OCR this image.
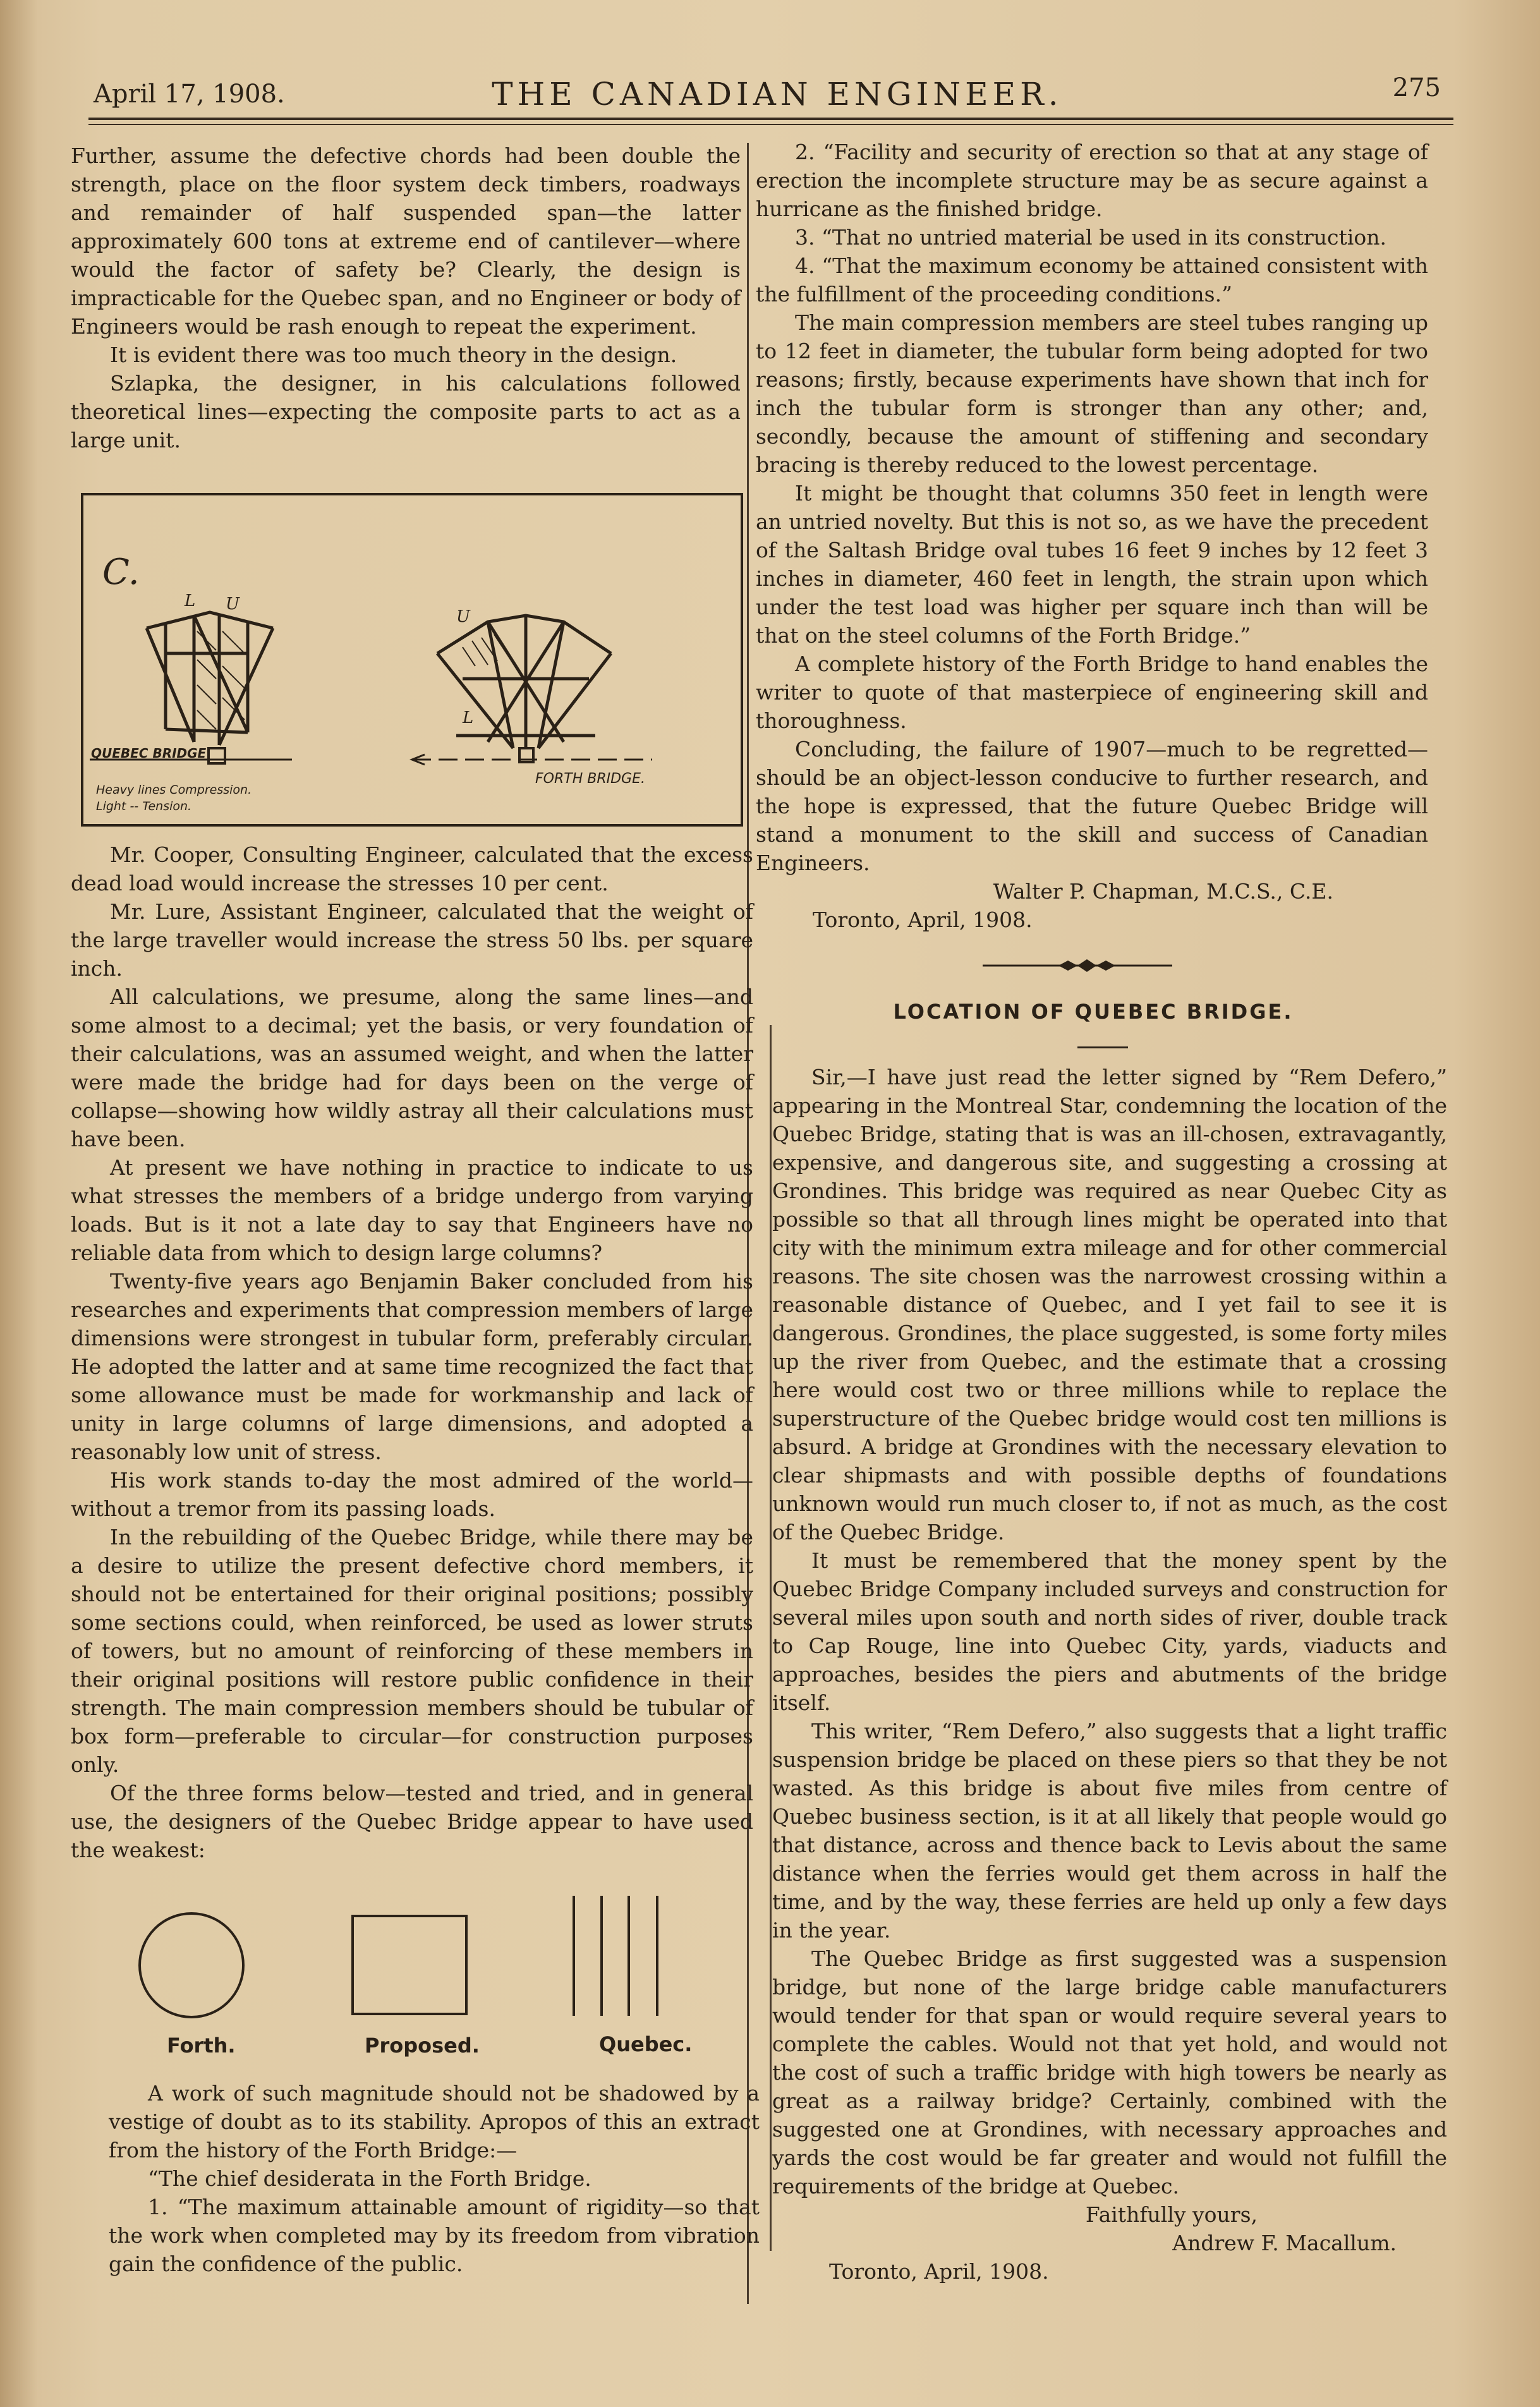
April 17, 1908.	THE CANADIAN ENGINEER.	275

Further, assume the defective chords had been double the strength, place on the floor system deck timbers, roadways and remainder of half suspended span—the latter approximately 600 tons at extreme end of cantilever—where would the factor of safety be? Clearly, the design is impracticable for the Quebec span, and no Engineer or body of Engineers would be rash enough to repeat the experiment.

It is evident there was too much theory in the design.

Szlapka, the designer, in his calculations followed theoretical lines—expecting the composite parts to act as a large unit.

C.
U
L
QUEBEC BRIDGE
U
L
FORTH BRIDGE.
Heavy lines Compression.
Light -- Tension.

Mr. Cooper, Consulting Engineer, calculated that the excess dead load would increase the stresses 10 per cent.

Mr. Lure, Assistant Engineer, calculated that the weight of the large traveller would increase the stress 50 lbs. per square inch.

All calculations, we presume, along the same lines—and some almost to a decimal; yet the basis, or very foundation of their calculations, was an assumed weight, and when the latter were made the bridge had for days been on the verge of collapse—showing how wildly astray all their calculations must have been.

At present we have nothing in practice to indicate to us what stresses the members of a bridge undergo from varying loads. But is it not a late day to say that Engineers have no reliable data from which to design large columns?

Twenty-five years ago Benjamin Baker concluded from his researches and experiments that compression members of large dimensions were strongest in tubular form, preferably circular. He adopted the latter and at same time recognized the fact that some allowance must be made for workmanship and lack of unity in large columns of large dimensions, and adopted a reasonably low unit of stress.

His work stands to-day the most admired of the world—without a tremor from its passing loads.

In the rebuilding of the Quebec Bridge, while there may be a desire to utilize the present defective chord members, it should not be entertained for their original positions; possibly some sections could, when reinforced, be used as lower struts of towers, but no amount of reinforcing of these members in their original positions will restore public confidence in their strength. The main compression members should be tubular of box form—preferable to circular—for construction purposes only.

Of the three forms below—tested and tried, and in general use, the designers of the Quebec Bridge appear to have used the weakest:

Forth.	Proposed.	Quebec.

A work of such magnitude should not be shadowed by a vestige of doubt as to its stability. Apropos of this an extract from the history of the Forth Bridge:—

“The chief desiderata in the Forth Bridge.

1. “The maximum attainable amount of rigidity—so that the work when completed may by its freedom from vibration gain the confidence of the public.

2. “Facility and security of erection so that at any stage of erection the incomplete structure may be as secure against a hurricane as the finished bridge.

3. “That no untried material be used in its construction.

4. “That the maximum economy be attained consistent with the fulfillment of the proceeding conditions.”

The main compression members are steel tubes ranging up to 12 feet in diameter, the tubular form being adopted for two reasons; firstly, because experiments have shown that inch for inch the tubular form is stronger than any other; and, secondly, because the amount of stiffening and secondary bracing is thereby reduced to the lowest percentage.

It might be thought that columns 350 feet in length were an untried novelty. But this is not so, as we have the precedent of the Saltash Bridge oval tubes 16 feet 9 inches by 12 feet 3 inches in diameter, 460 feet in length, the strain upon which under the test load was higher per square inch than will be that on the steel columns of the Forth Bridge.”

A complete history of the Forth Bridge to hand enables the writer to quote of that masterpiece of engineering skill and thoroughness.

Concluding, the failure of 1907—much to be regretted—should be an object-lesson conducive to further research, and the hope is expressed, that the future Quebec Bridge will stand a monument to the skill and success of Canadian Engineers.

Walter P. Chapman, M.C.S., C.E.

Toronto, April, 1908.

LOCATION OF QUEBEC BRIDGE.

Sir,—I have just read the letter signed by “Rem Defero,” appearing in the Montreal Star, condemning the location of the Quebec Bridge, stating that is was an ill-chosen, extravagantly, expensive, and dangerous site, and suggesting a crossing at Grondines. This bridge was required as near Quebec City as possible so that all through lines might be operated into that city with the minimum extra mileage and for other commercial reasons. The site chosen was the narrowest crossing within a reasonable distance of Quebec, and I yet fail to see it is dangerous. Grondines, the place suggested, is some forty miles up the river from Quebec, and the estimate that a crossing here would cost two or three millions while to replace the superstructure of the Quebec bridge would cost ten millions is absurd. A bridge at Grondines with the necessary elevation to clear shipmasts and with possible depths of foundations unknown would run much closer to, if not as much, as the cost of the Quebec Bridge.

It must be remembered that the money spent by the Quebec Bridge Company included surveys and construction for several miles upon south and north sides of river, double track to Cap Rouge, line into Quebec City, yards, viaducts and approaches, besides the piers and abutments of the bridge itself.

This writer, “Rem Defero,” also suggests that a light traffic suspension bridge be placed on these piers so that they be not wasted. As this bridge is about five miles from centre of Quebec business section, is it at all likely that people would go that distance, across and thence back to Levis about the same distance when the ferries would get them across in half the time, and by the way, these ferries are held up only a few days in the year.

The Quebec Bridge as first suggested was a suspension bridge, but none of the large bridge cable manufacturers would tender for that span or would require several years to complete the cables. Would not that yet hold, and would not the cost of such a traffic bridge with high towers be nearly as great as a railway bridge? Certainly, combined with the suggested one at Grondines, with necessary approaches and yards the cost would be far greater and would not fulfill the requirements of the bridge at Quebec.

Faithfully yours,

Andrew F. Macallum.

Toronto, April, 1908.
